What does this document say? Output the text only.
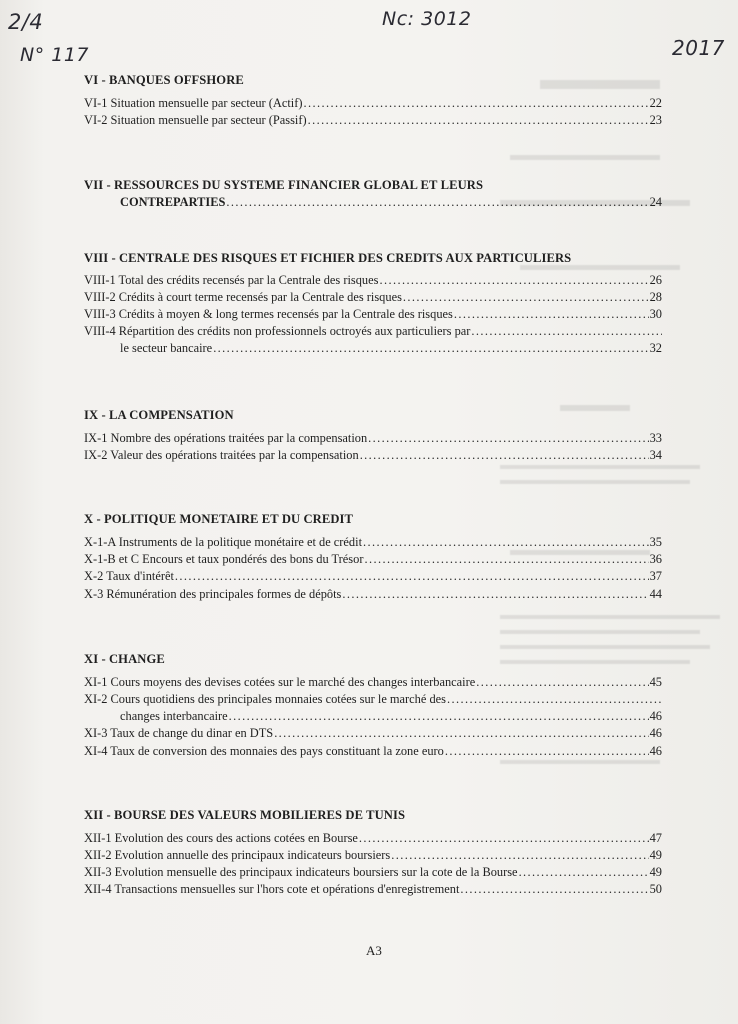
2/4
N° 117
Nc: 3012
2017
VI - BANQUES OFFSHORE
VI-1 Situation mensuelle par secteur (Actif) .....	22
VI-2 Situation mensuelle par secteur (Passif) .....	23
VII - RESSOURCES DU SYSTEME FINANCIER GLOBAL ET LEURS
CONTREPARTIES .....	24
VIII - CENTRALE DES RISQUES ET FICHIER DES CREDITS AUX PARTICULIERS
VIII-1 Total des crédits recensés par la Centrale des risques .....	26
VIII-2 Crédits à court terme recensés par la Centrale des risques .....	28
VIII-3 Crédits à moyen & long termes recensés par la Centrale des risques .....	30
VIII-4 Répartition des crédits non professionnels octroyés aux particuliers par
.....
le secteur bancaire .....	32
IX - LA COMPENSATION
IX-1 Nombre des opérations traitées par la compensation .....	33
IX-2 Valeur des opérations traitées par la compensation .....	34
X - POLITIQUE MONETAIRE ET DU CREDIT
X-1-A Instruments de la politique monétaire et de crédit .....	35
X-1-B et C Encours et taux pondérés des bons du Trésor .....	36
X-2 Taux d'intérêt .....	37
X-3 Rémunération des principales formes de dépôts .....	44
XI - CHANGE
XI-1 Cours moyens des devises cotées sur le marché des changes interbancaire .....	45
XI-2 Cours quotidiens des principales monnaies cotées sur le marché des
.....
changes interbancaire .....	46
XI-3 Taux de change du dinar en DTS .....	46
XI-4 Taux de conversion des monnaies des pays constituant la zone euro .....	46
XII - BOURSE DES VALEURS MOBILIERES DE TUNIS
XII-1 Evolution des cours des actions cotées en Bourse .....	47
XII-2 Evolution annuelle des principaux indicateurs boursiers .....	49
XII-3 Evolution mensuelle des principaux indicateurs boursiers sur la cote de la Bourse .....	49
XII-4 Transactions mensuelles sur l'hors cote et opérations d'enregistrement .....	50
A3
